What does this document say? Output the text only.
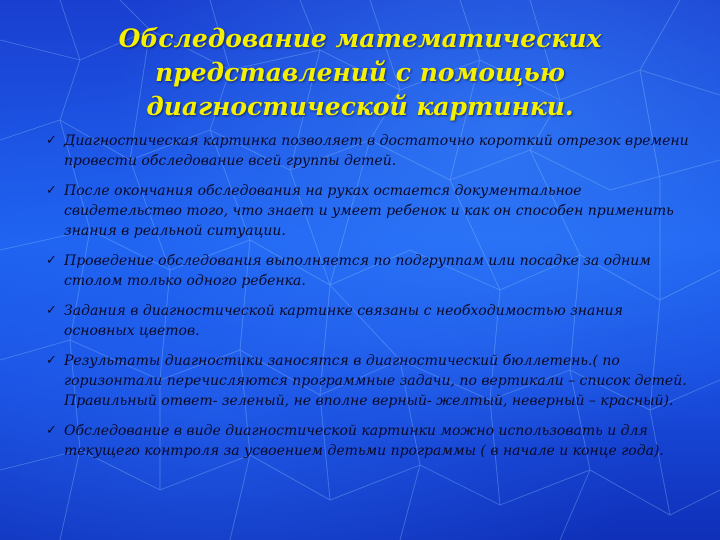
Обследование математических представлений с помощью диагностической картинки.
✓ Диагностическая картинка позволяет в достаточно короткий отрезок времени провести обследование всей группы детей.
✓ После окончания обследования на руках остается документальное свидетельство того, что знает и умеет ребенок и как он способен применить знания в реальной ситуации.
✓ Проведение обследования выполняется по подгруппам или посадке за одним столом только одного ребенка.
✓ Задания в диагностической картинке связаны с необходимостью знания основных цветов.
✓ Результаты диагностики заносятся в диагностический бюллетень.( по горизонтали перечисляются программные задачи, по вертикали – список детей. Правильный ответ- зеленый, не вполне верный- желтый, неверный – красный).
✓ Обследование в виде диагностической картинки можно использовать и для текущего контроля за усвоением детьми программы ( в начале и конце года).
